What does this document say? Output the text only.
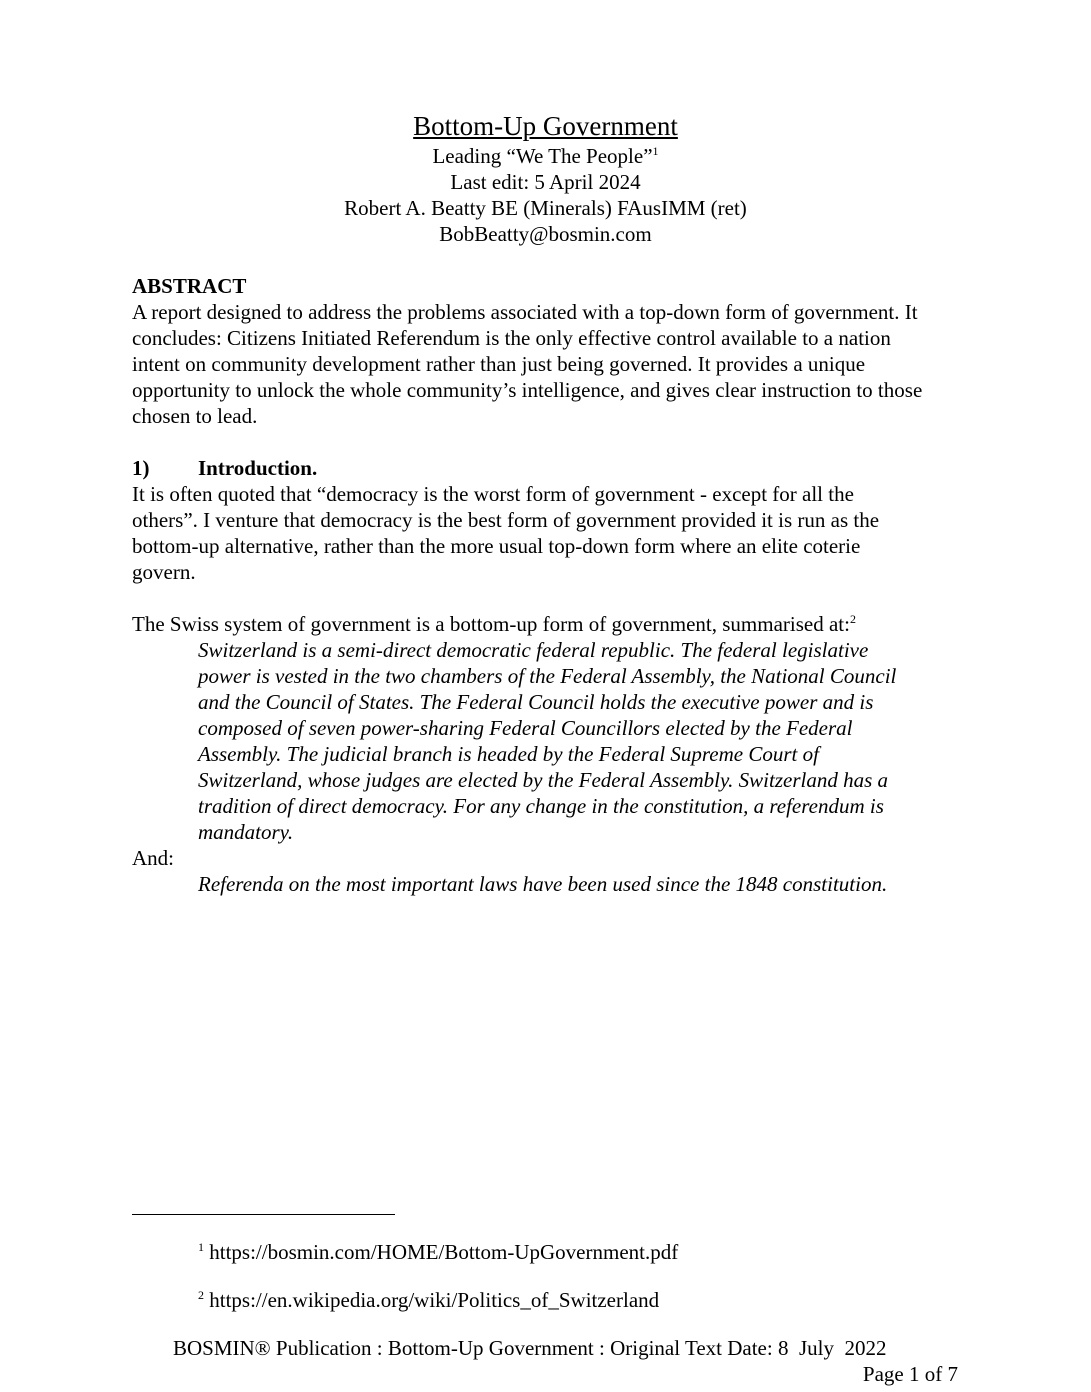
Bottom-Up Government
Leading “We The People”$^1$
Last edit: 5 April 2024
Robert A. Beatty BE (Minerals) FAusIMM (ret)
BobBeatty@bosmin.com
ABSTRACT
A report designed to address the problems associated with a top-down form of government. It
concludes: Citizens Initiated Referendum is the only effective control available to a nation
intent on community development rather than just being governed. It provides a unique
opportunity to unlock the whole community’s intelligence, and gives clear instruction to those
chosen to lead.
1) Introduction.
It is often quoted that “democracy is the worst form of government - except for all the
others”. I venture that democracy is the best form of government provided it is run as the
bottom-up alternative, rather than the more usual top-down form where an elite coterie
govern.
The Swiss system of government is a bottom-up form of government, summarised at:$^2$
Switzerland is a semi-direct democratic federal republic. The federal legislative
power is vested in the two chambers of the Federal Assembly, the National Council
and the Council of States. The Federal Council holds the executive power and is
composed of seven power-sharing Federal Councillors elected by the Federal
Assembly. The judicial branch is headed by the Federal Supreme Court of
Switzerland, whose judges are elected by the Federal Assembly. Switzerland has a
tradition of direct democracy. For any change in the constitution, a referendum is
mandatory.
And:
Referenda on the most important laws have been used since the 1848 constitution.
$^1$ https://bosmin.com/HOME/Bottom-UpGovernment.pdf
$^2$ https://en.wikipedia.org/wiki/Politics_of_Switzerland
BOSMIN® Publication : Bottom-Up Government : Original Text Date: 8  July  2022
Page 1 of 7
